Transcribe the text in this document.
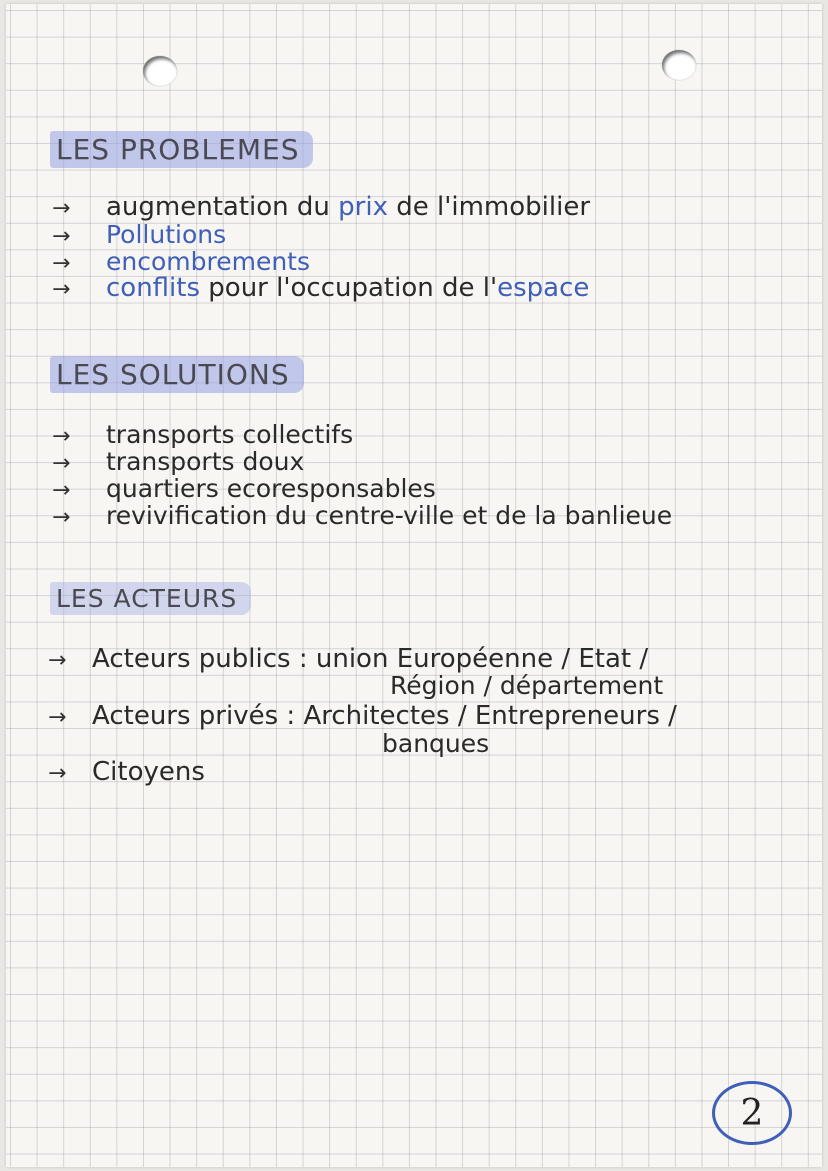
LES PROBLEMES
→ augmentation du prix de l'immobilier
→ Pollutions
→ encombrements
→ conflits pour l'occupation de l'espace
LES SOLUTIONS
→ transports collectifs
→ transports doux
→ quartiers ecoresponsables
→ revivification du centre-ville et de la banlieue
LES ACTEURS
→ Acteurs publics : union Européenne / Etat /
Région / département
→ Acteurs privés : Architectes / Entrepreneurs /
banques
→ Citoyens
2
